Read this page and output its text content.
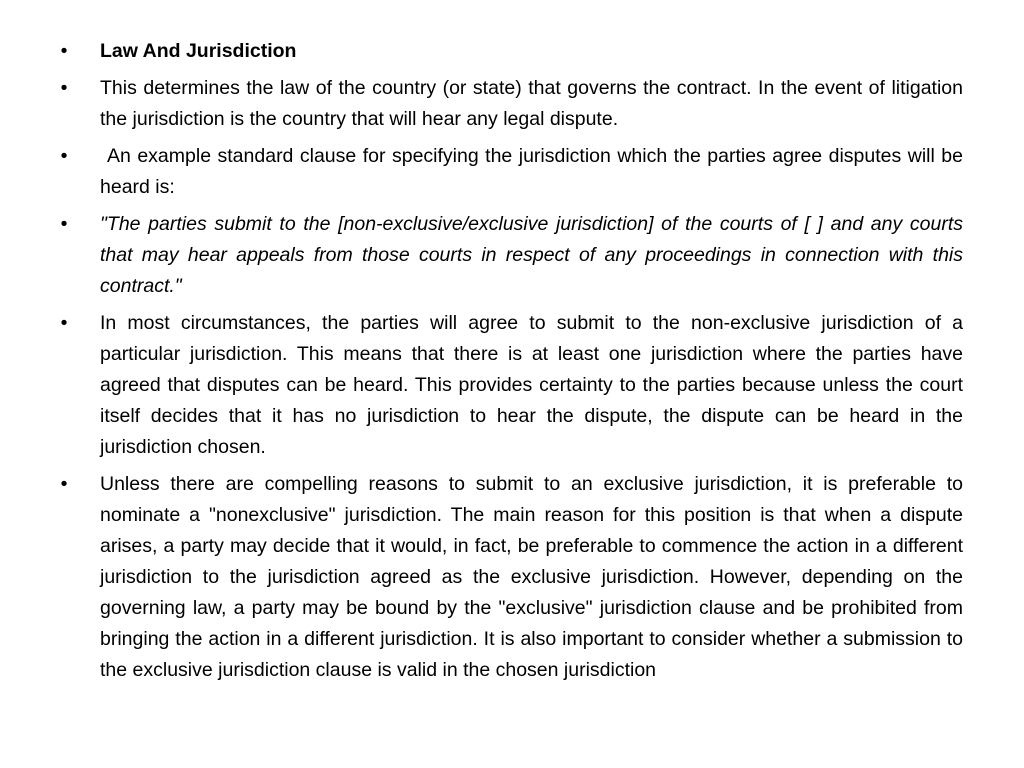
• Law And Jurisdiction
• This determines the law of the country (or state) that governs the contract. In the event of litigation the jurisdiction is the country that will hear any legal dispute.
• An example standard clause for specifying the jurisdiction which the parties agree disputes will be heard is:
• "The parties submit to the [non-exclusive/exclusive jurisdiction] of the courts of [ ] and any courts that may hear appeals from those courts in respect of any proceedings in connection with this contract."
• In most circumstances, the parties will agree to submit to the non-exclusive jurisdiction of a particular jurisdiction. This means that there is at least one jurisdiction where the parties have agreed that disputes can be heard. This provides certainty to the parties because unless the court itself decides that it has no jurisdiction to hear the dispute, the dispute can be heard in the jurisdiction chosen.
• Unless there are compelling reasons to submit to an exclusive jurisdiction, it is preferable to nominate a "nonexclusive" jurisdiction. The main reason for this position is that when a dispute arises, a party may decide that it would, in fact, be preferable to commence the action in a different jurisdiction to the jurisdiction agreed as the exclusive jurisdiction. However, depending on the governing law, a party may be bound by the "exclusive" jurisdiction clause and be prohibited from bringing the action in a different jurisdiction. It is also important to consider whether a submission to the exclusive jurisdiction clause is valid in the chosen jurisdiction
